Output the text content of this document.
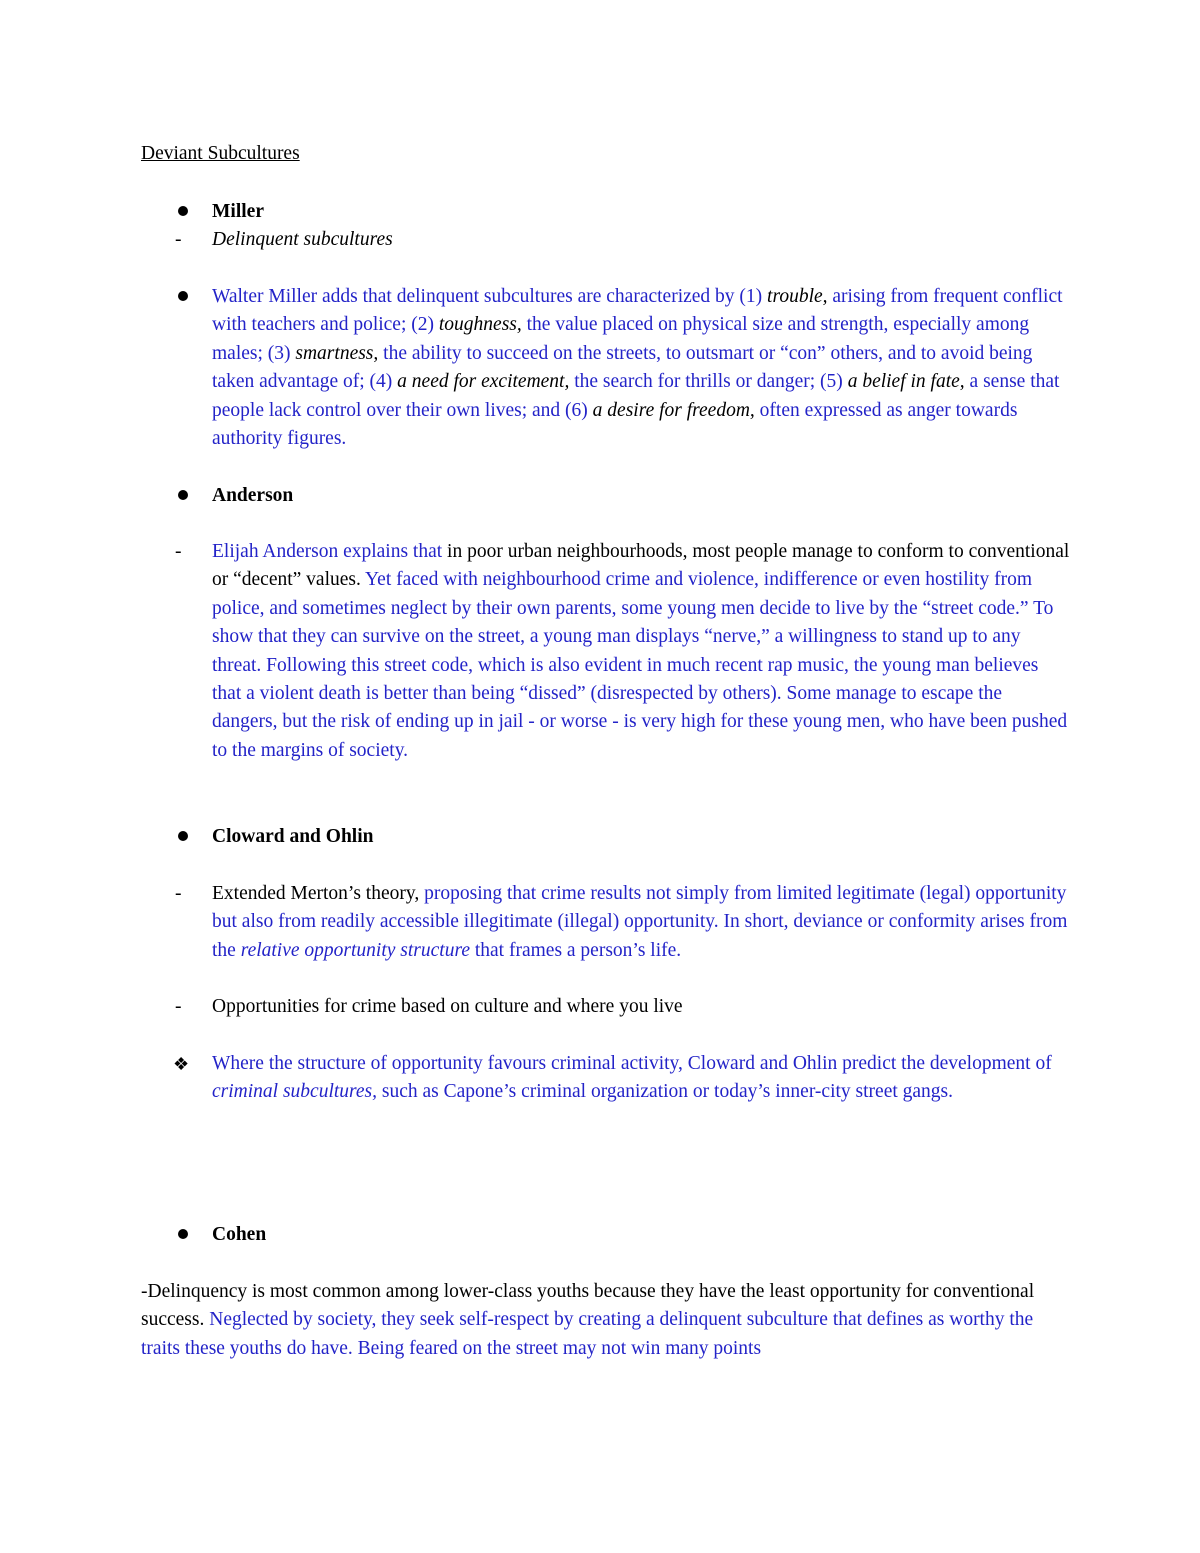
Deviant Subcultures

Miller

-	Delinquent subcultures

Walter Miller adds that delinquent subcultures are characterized by (1) trouble, arising from frequent conflict with teachers and police; (2) toughness, the value placed on physical size and strength, especially among males; (3) smartness, the ability to succeed on the streets, to outsmart or “con” others, and to avoid being taken advantage of; (4) a need for excitement, the search for thrills or danger; (5) a belief in fate, a sense that people lack control over their own lives; and (6) a desire for freedom, often expressed as anger towards authority figures.

Anderson

-	Elijah Anderson explains that in poor urban neighbourhoods, most people manage to conform to conventional or “decent” values. Yet faced with neighbourhood crime and violence, indifference or even hostility from police, and sometimes neglect by their own parents, some young men decide to live by the “street code.” To show that they can survive on the street, a young man displays “nerve,” a willingness to stand up to any threat. Following this street code, which is also evident in much recent rap music, the young man believes that a violent death is better than being “dissed” (disrespected by others). Some manage to escape the dangers, but the risk of ending up in jail - or worse - is very high for these young men, who have been pushed to the margins of society.

Cloward and Ohlin

-	Extended Merton’s theory, proposing that crime results not simply from limited legitimate (legal) opportunity but also from readily accessible illegitimate (illegal) opportunity. In short, deviance or conformity arises from the relative opportunity structure that frames a person’s life.

-	Opportunities for crime based on culture and where you live

❖	Where the structure of opportunity favours criminal activity, Cloward and Ohlin predict the development of criminal subcultures, such as Capone’s criminal organization or today’s inner-city street gangs.

Cohen

-Delinquency is most common among lower-class youths because they have the least opportunity for conventional success. Neglected by society, they seek self-respect by creating a delinquent subculture that defines as worthy the traits these youths do have. Being feared on the street may not win many points
